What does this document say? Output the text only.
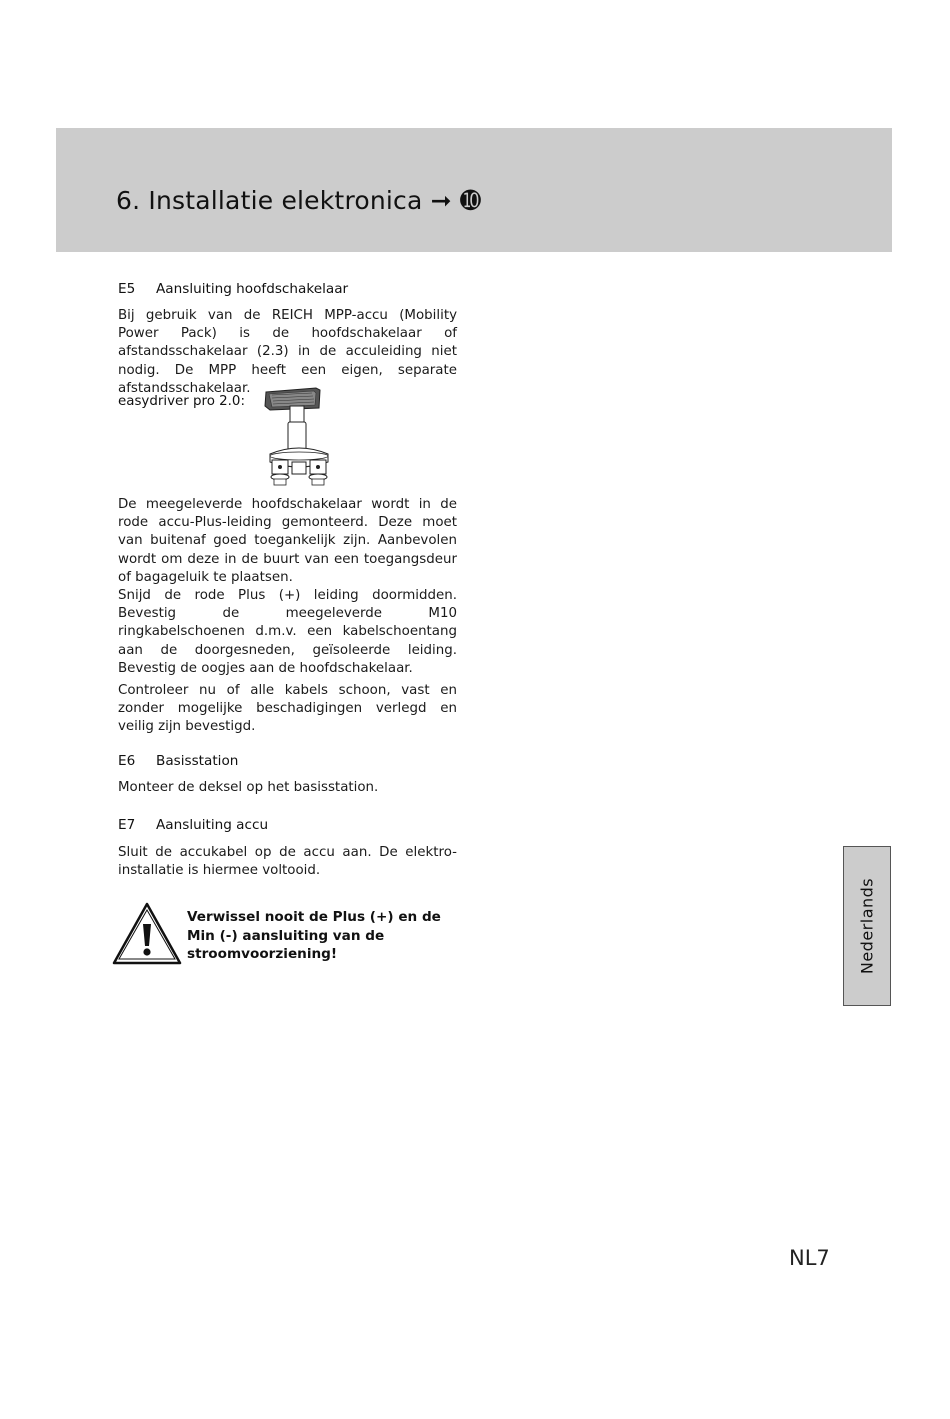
6. Installatie elektronica ➞ ➓
E5 Aansluiting hoofdschakelaar

Bij gebruik van de REICH MPP-accu (Mobility Power Pack) is de hoofdschakelaar of afstandsschakelaar (2.3) in de acculeiding niet nodig. De MPP heeft een eigen, separate afstandsschakelaar.

easydriver pro 2.0:

De meegeleverde hoofdschakelaar wordt in de rode accu-Plus-leiding gemonteerd. Deze moet van buitenaf goed toegankelijk zijn. Aanbevolen wordt om deze in de buurt van een toegangsdeur of bagageluik te plaatsen.

Snijd de rode Plus (+) leiding doormidden. Bevestig de meegeleverde M10 ringkabelschoenen d.m.v. een kabelschoentang aan de doorgesneden, geïsoleerde leiding. Bevestig de oogjes aan de hoofdschakelaar.

Controleer nu of alle kabels schoon, vast en zonder mogelijke beschadigingen verlegd en veilig zijn bevestigd.

E6 Basisstation

Monteer de deksel op het basisstation.

E7 Aansluiting accu

Sluit de accukabel op de accu aan. De elektro-installatie is hiermee voltooid.

Verwissel nooit de Plus (+) en de Min (-) aansluiting van de stroomvoorziening!	Nederlands
NL7
